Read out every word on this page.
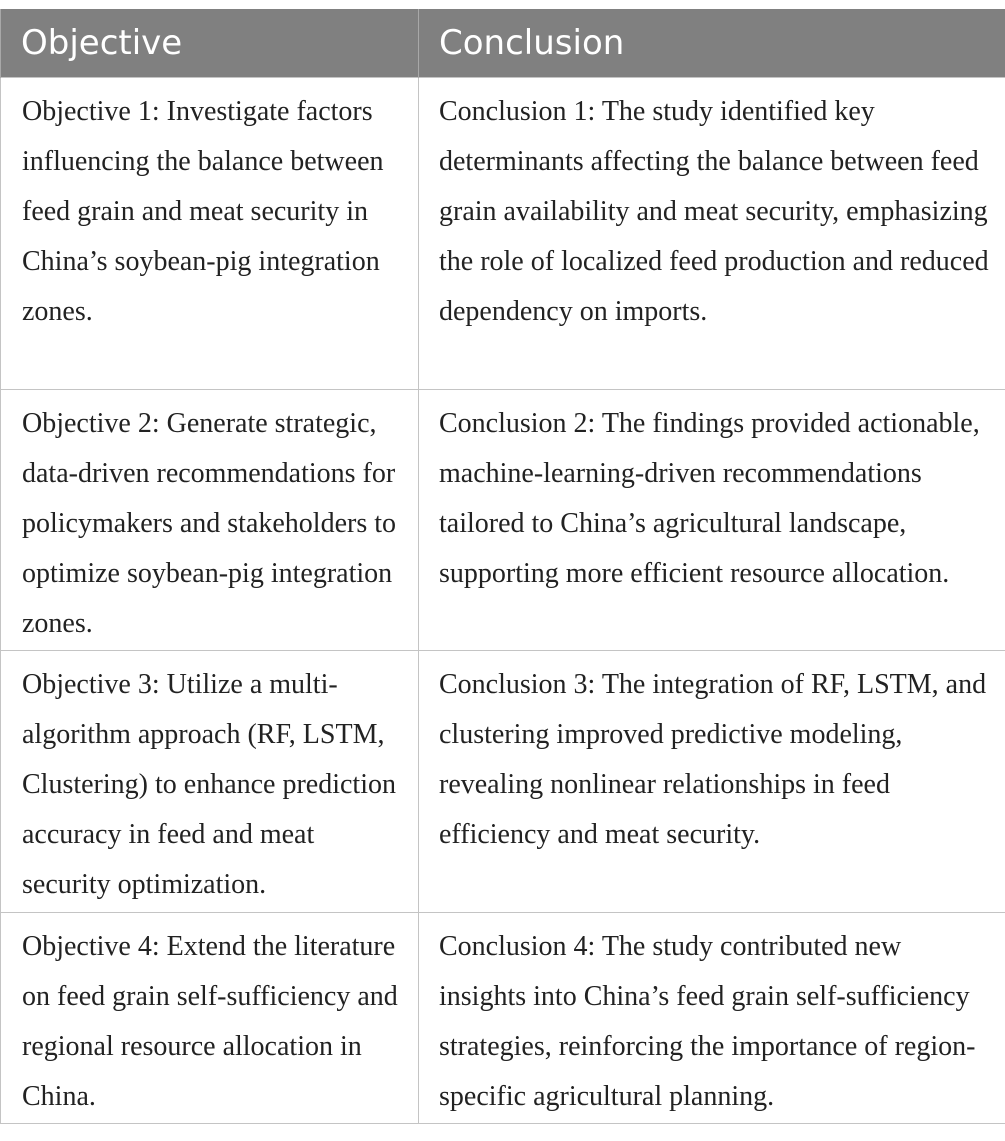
Objective	Conclusion
Objective 1: Investigate factors influencing the balance between feed grain and meat security in China’s soybean-pig integration zones.	Conclusion 1: The study identified key determinants affecting the balance between feed grain availability and meat security, emphasizing the role of localized feed production and reduced dependency on imports.
Objective 2: Generate strategic, data-driven recommendations for policymakers and stakeholders to optimize soybean-pig integration zones.	Conclusion 2: The findings provided actionable, machine-learning-driven recommendations tailored to China’s agricultural landscape, supporting more efficient resource allocation.
Objective 3: Utilize a multi-algorithm approach (RF, LSTM, Clustering) to enhance prediction accuracy in feed and meat security optimization.	Conclusion 3: The integration of RF, LSTM, and clustering improved predictive modeling, revealing nonlinear relationships in feed efficiency and meat security.
Objective 4: Extend the literature on feed grain self-sufficiency and regional resource allocation in China.	Conclusion 4: The study contributed new insights into China’s feed grain self-sufficiency strategies, reinforcing the importance of region-specific agricultural planning.
